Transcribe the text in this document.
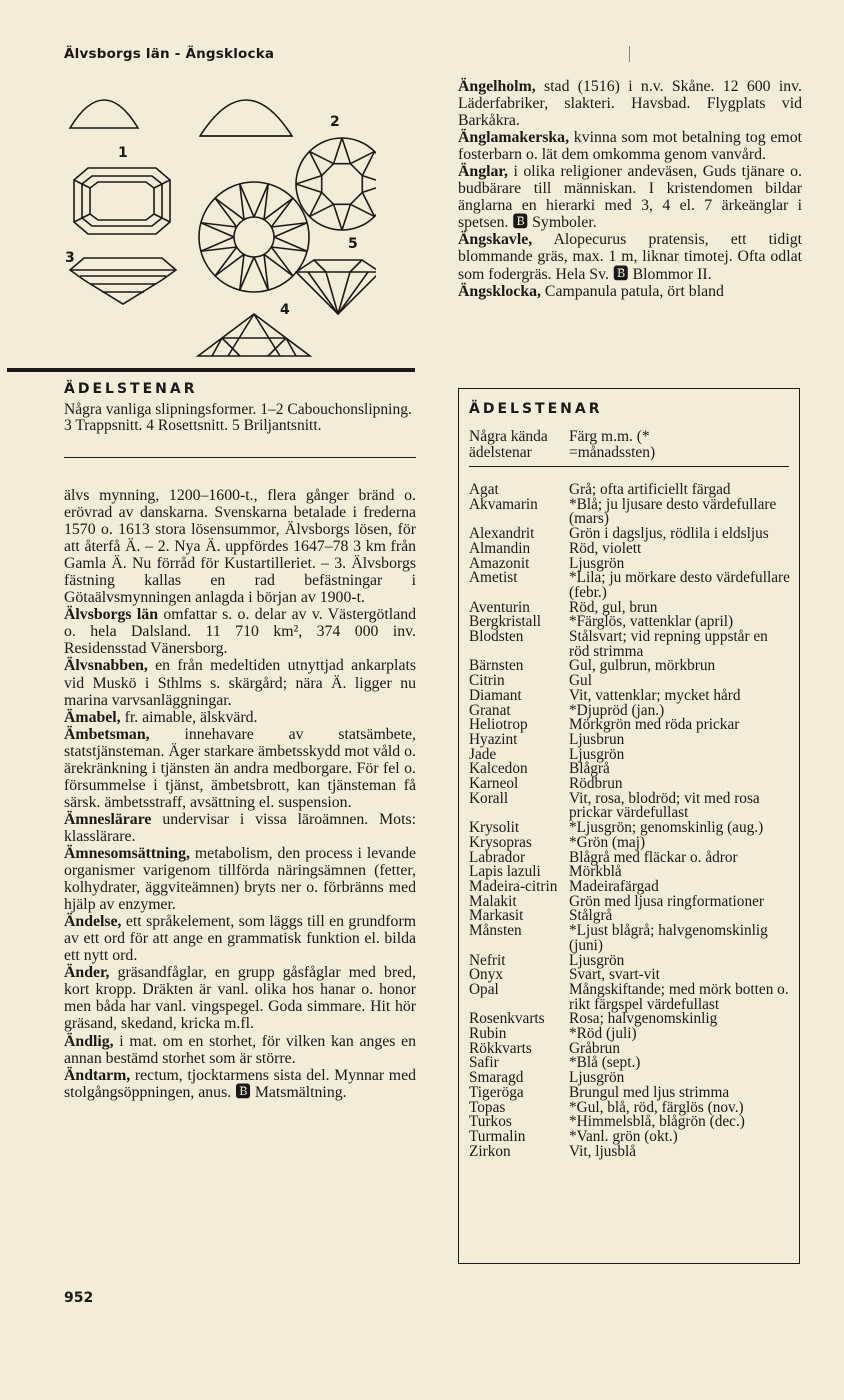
Älvsborgs län - Ängsklocka
1
2
3
4
5
ÄDELSTENAR
Några vanliga slipningsformer. 1–2 Cabouchonslipning. 3 Trappsnitt. 4 Rosettsnitt. 5 Briljantsnitt.

älvs mynning, 1200–1600-t., flera gånger bränd o. erövrad av danskarna. Svenskarna betalade i frederna 1570 o. 1613 stora lösensummor, Älvsborgs lösen, för att återfå Ä. – 2. Nya Ä. uppfördes 1647–78 3 km från Gamla Ä. Nu förråd för Kustartilleriet. – 3. Älvsborgs fästning kallas en rad befästningar i Götaälvsmynningen anlagda i början av 1900-t.

Älvsborgs län omfattar s. o. delar av v. Västergötland o. hela Dalsland. 11 710 km², 374 000 inv. Residensstad Vänersborg.

Älvsnabben, en från medeltiden utnyttjad ankarplats vid Muskö i Sthlms s. skärgård; nära Ä. ligger nu marina varvsanläggningar.

Ämabel, fr. aimable, älskvärd.

Ämbetsman, innehavare av statsämbete, statstjänsteman. Äger starkare ämbetsskydd mot våld o. ärekränkning i tjänsten än andra medborgare. För fel o. försummelse i tjänst, ämbetsbrott, kan tjänsteman få särsk. ämbetsstraff, avsättning el. suspension.

Ämneslärare undervisar i vissa läroämnen. Mots: klasslärare.

Ämnesomsättning, metabolism, den process i levande organismer varigenom tillförda näringsämnen (fetter, kolhydrater, äggviteämnen) bryts ner o. förbränns med hjälp av enzymer.

Ändelse, ett språkelement, som läggs till en grundform av ett ord för att ange en grammatisk funktion el. bilda ett nytt ord.

Änder, gräsandfåglar, en grupp gåsfåglar med bred, kort kropp. Dräkten är vanl. olika hos hanar o. honor men båda har vanl. vingspegel. Goda simmare. Hit hör gräsand, skedand, kricka m.fl.

Ändlig, i mat. om en storhet, för vilken kan anges en annan bestämd storhet som är större.

Ändtarm, rectum, tjocktarmens sista del. Mynnar med stolgångsöppningen, anus. 🅱 Matsmältning.

Ängelholm, stad (1516) i n.v. Skåne. 12 600 inv. Läderfabriker, slakteri. Havsbad. Flygplats vid Barkåkra.

Änglamakerska, kvinna som mot betalning tog emot fosterbarn o. lät dem omkomma genom vanvård.

Änglar, i olika religioner andeväsen, Guds tjänare o. budbärare till människan. I kristendomen bildar änglarna en hierarki med 3, 4 el. 7 ärkeänglar i spetsen. 🅱 Symboler.

Ängskavle, Alopecurus pratensis, ett tidigt blommande gräs, max. 1 m, liknar timotej. Ofta odlat som fodergräs. Hela Sv. 🅱 Blommor II.

Ängsklocka, Campanula patula, ört bland

ÄDELSTENAR
Några kända ädelstenar
Färg m.m. (* =månadssten)
Agat	Grå; ofta artificiellt färgad
Akvamarin	*Blå; ju ljusare desto värdefullare (mars)
Alexandrit	Grön i dagsljus, rödlila i eldsljus
Almandin	Röd, violett
Amazonit	Ljusgrön
Ametist	*Lila; ju mörkare desto värdefullare (febr.)
Aventurin	Röd, gul, brun
Bergkristall	*Färglös, vattenklar (april)
Blodsten	Stålsvart; vid repning uppstår en röd strimma
Bärnsten	Gul, gulbrun, mörkbrun
Citrin	Gul
Diamant	Vit, vattenklar; mycket hård
Granat	*Djupröd (jan.)
Heliotrop	Mörkgrön med röda prickar
Hyazint	Ljusbrun
Jade	Ljusgrön
Kalcedon	Blågrå
Karneol	Rödbrun
Korall	Vit, rosa, blodröd; vit med rosa prickar värdefullast
Krysolit	*Ljusgrön; genomskinlig (aug.)
Krysopras	*Grön (maj)
Labrador	Blågrå med fläckar o. ådror
Lapis lazuli	Mörkblå
Madeira-citrin Madeirafärgad
Malakit	Grön med ljusa ringformationer
Markasit	Stålgrå
Månsten	*Ljust blågrå; halvgenomskinlig (juni)
Nefrit	Ljusgrön
Onyx	Svart, svart-vit
Opal	Mångskiftande; med mörk botten o. rikt färgspel värdefullast
Rosenkvarts	Rosa; halvgenomskinlig
Rubin	*Röd (juli)
Rökkvarts	Gråbrun
Safir	*Blå (sept.)
Smaragd	Ljusgrön
Tigeröga	Brungul med ljus strimma
Topas	*Gul, blå, röd, färglös (nov.)
Turkos	*Himmelsblå, blågrön (dec.)
Turmalin	*Vanl. grön (okt.)
Zirkon	Vit, ljusblå
952
